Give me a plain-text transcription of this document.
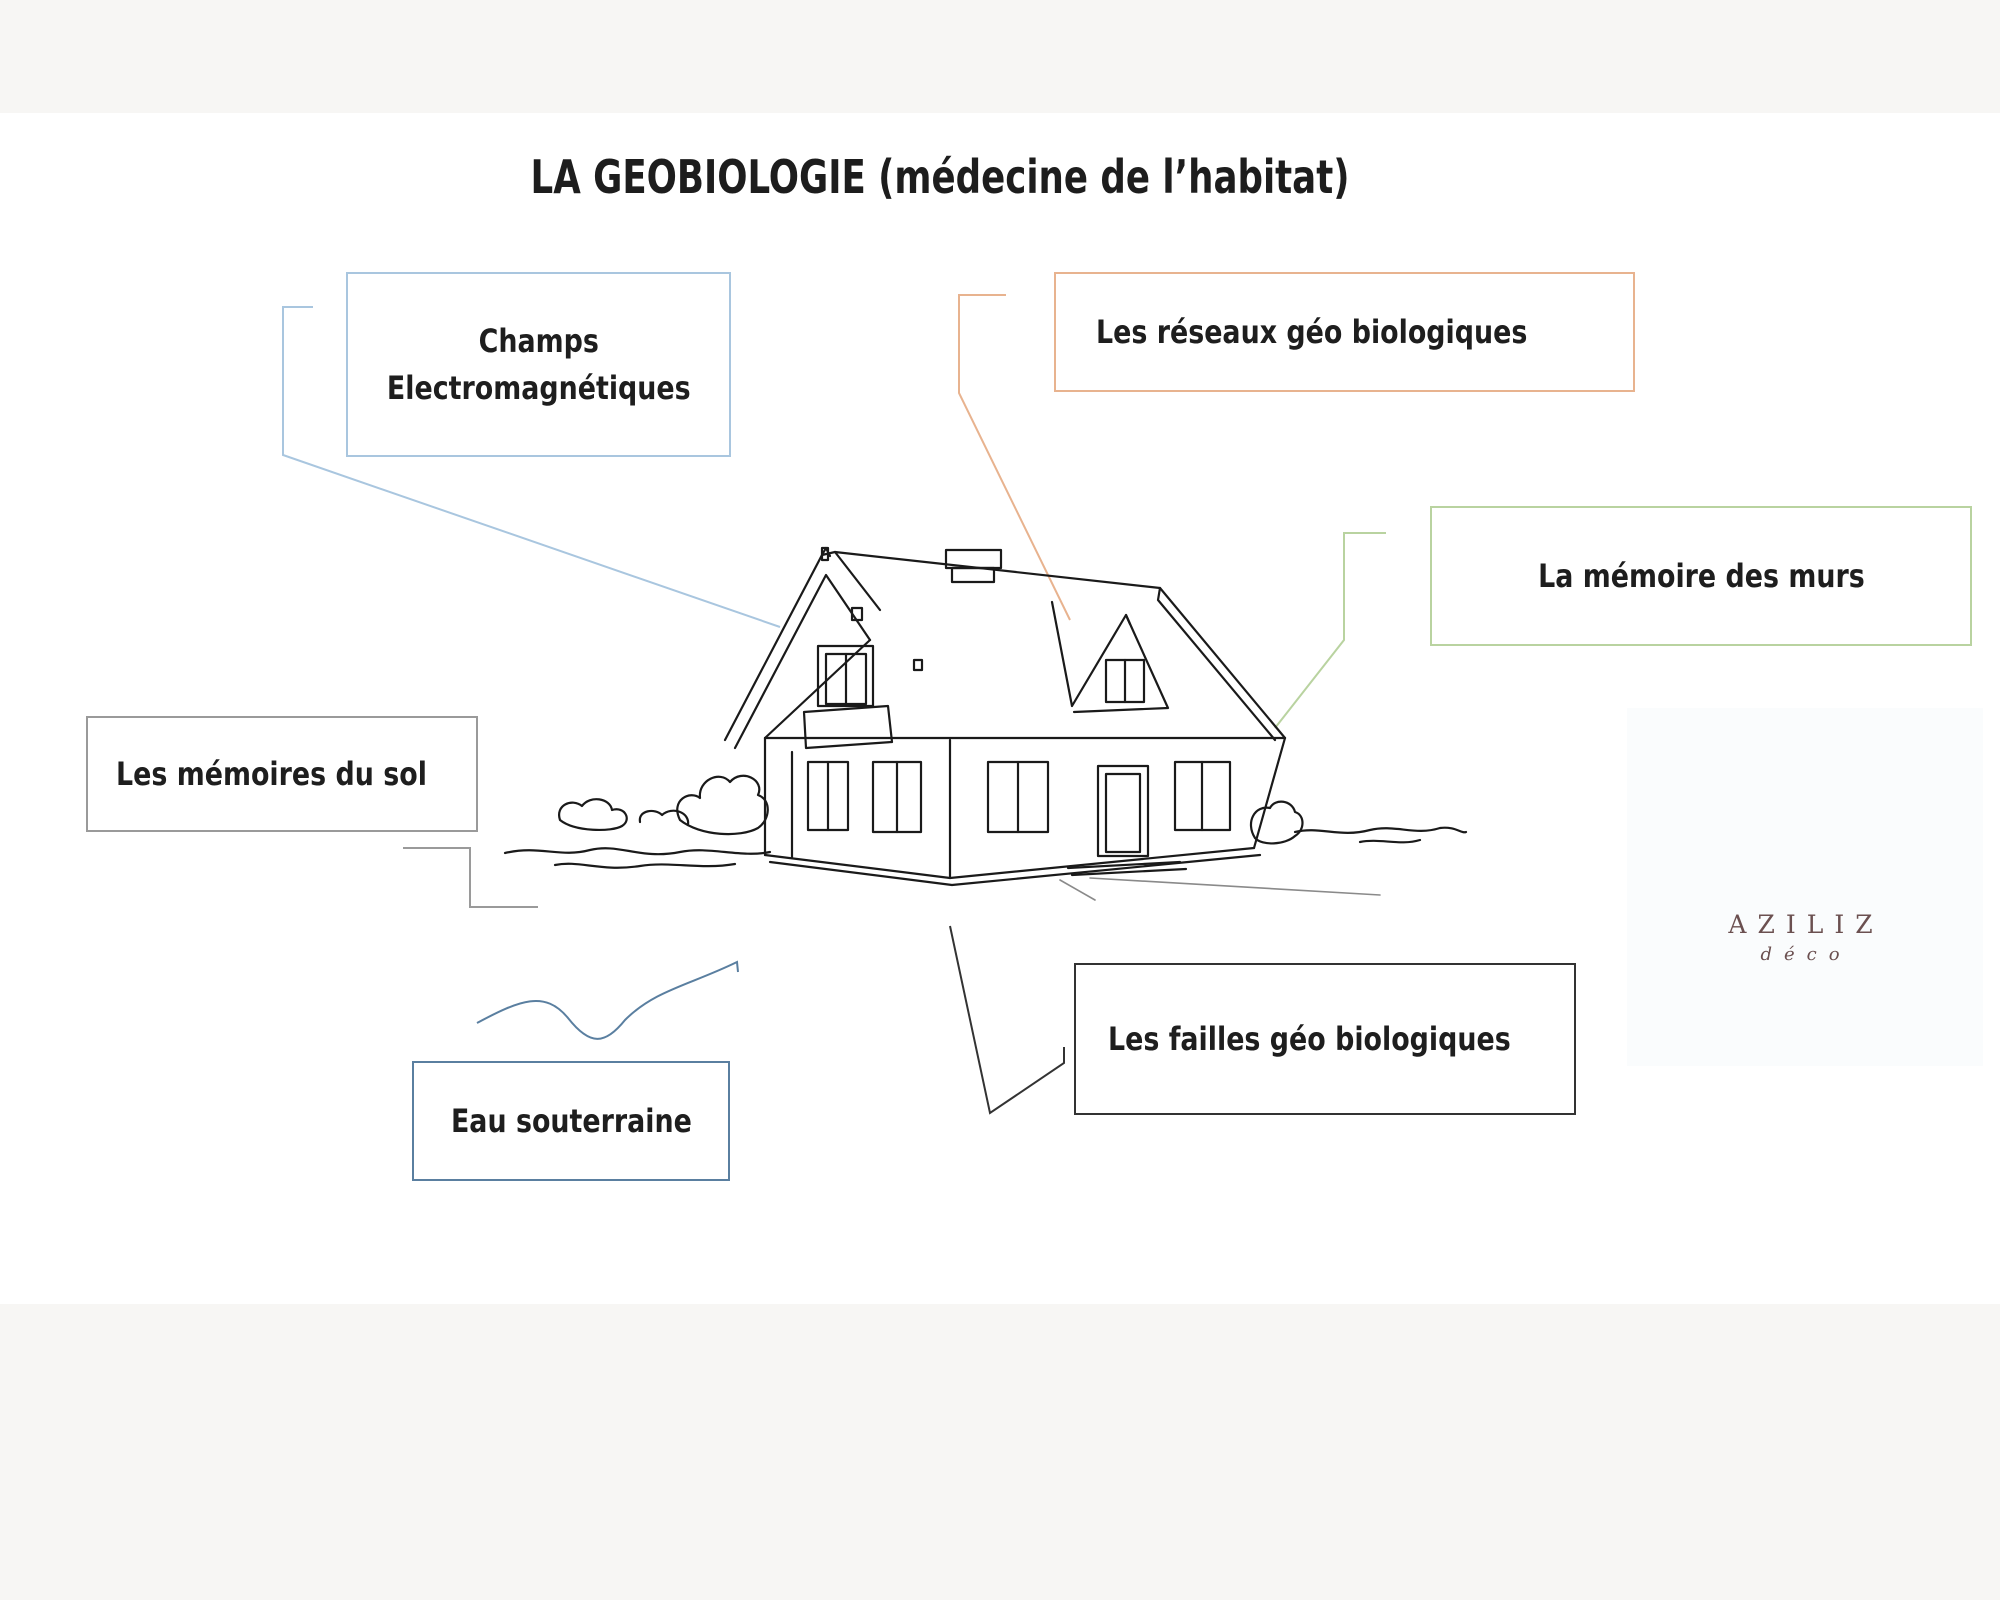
LA GEOBIOLOGIE (médecine de l’habitat)
Champs
Electromagnétiques
Les réseaux géo biologiques
La mémoire des murs
Les mémoires du sol
Les failles géo biologiques
Eau souterraine
AZILIZ
déco
